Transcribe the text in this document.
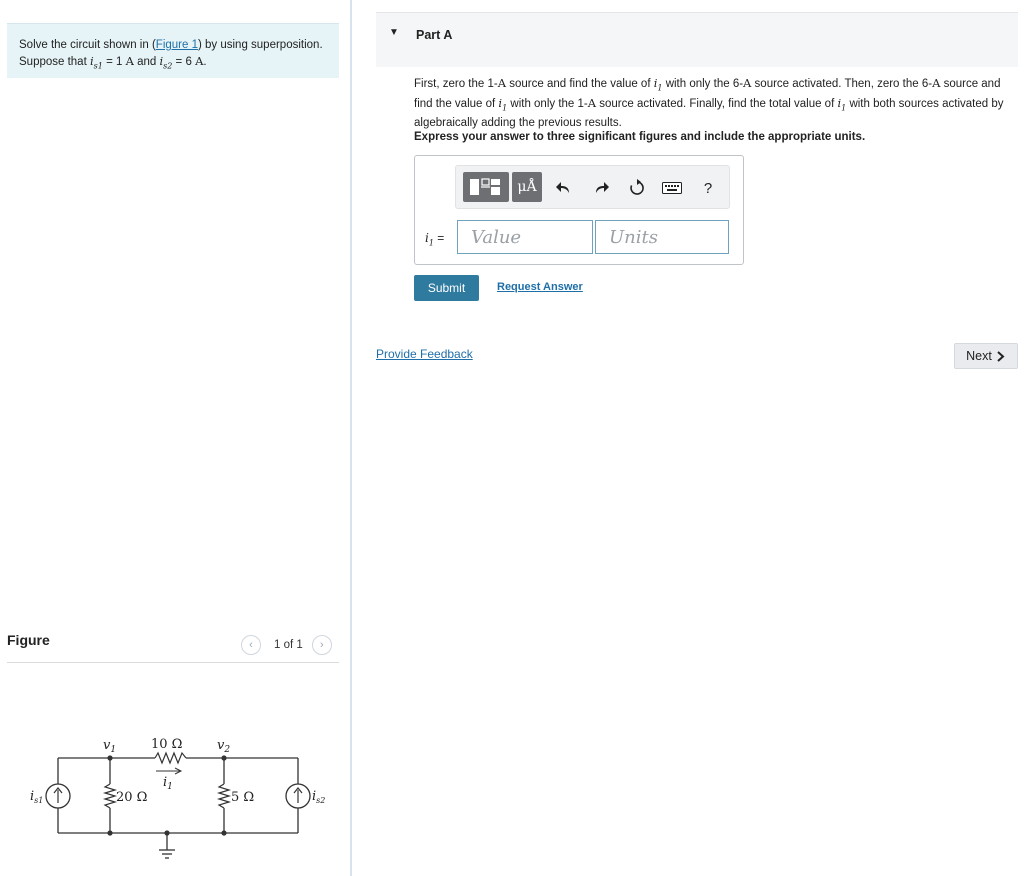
Solve the circuit shown in (Figure 1) by using superposition. Suppose that $i_{s1} = 1$ A and $i_{s2} = 6$ A.
Figure	‹	1 of 1	›
$v_1$	$v_2$
10 Ω
20 Ω	5 Ω
$i_1$
$i_{s1}$	$i_{s2}$
▼ Part A
First, zero the 1-A source and find the value of $i_1$ with only the 6-A source activated. Then, zero the 6-A source and find the value of $i_1$ with only the 1-A source activated. Finally, find the total value of $i_1$ with both sources activated by algebraically adding the previous results.
Express your answer to three significant figures and include the appropriate units.
μÅ	?
$i_1$ =	Value	Units
Submit	Request Answer
Provide Feedback	Next
